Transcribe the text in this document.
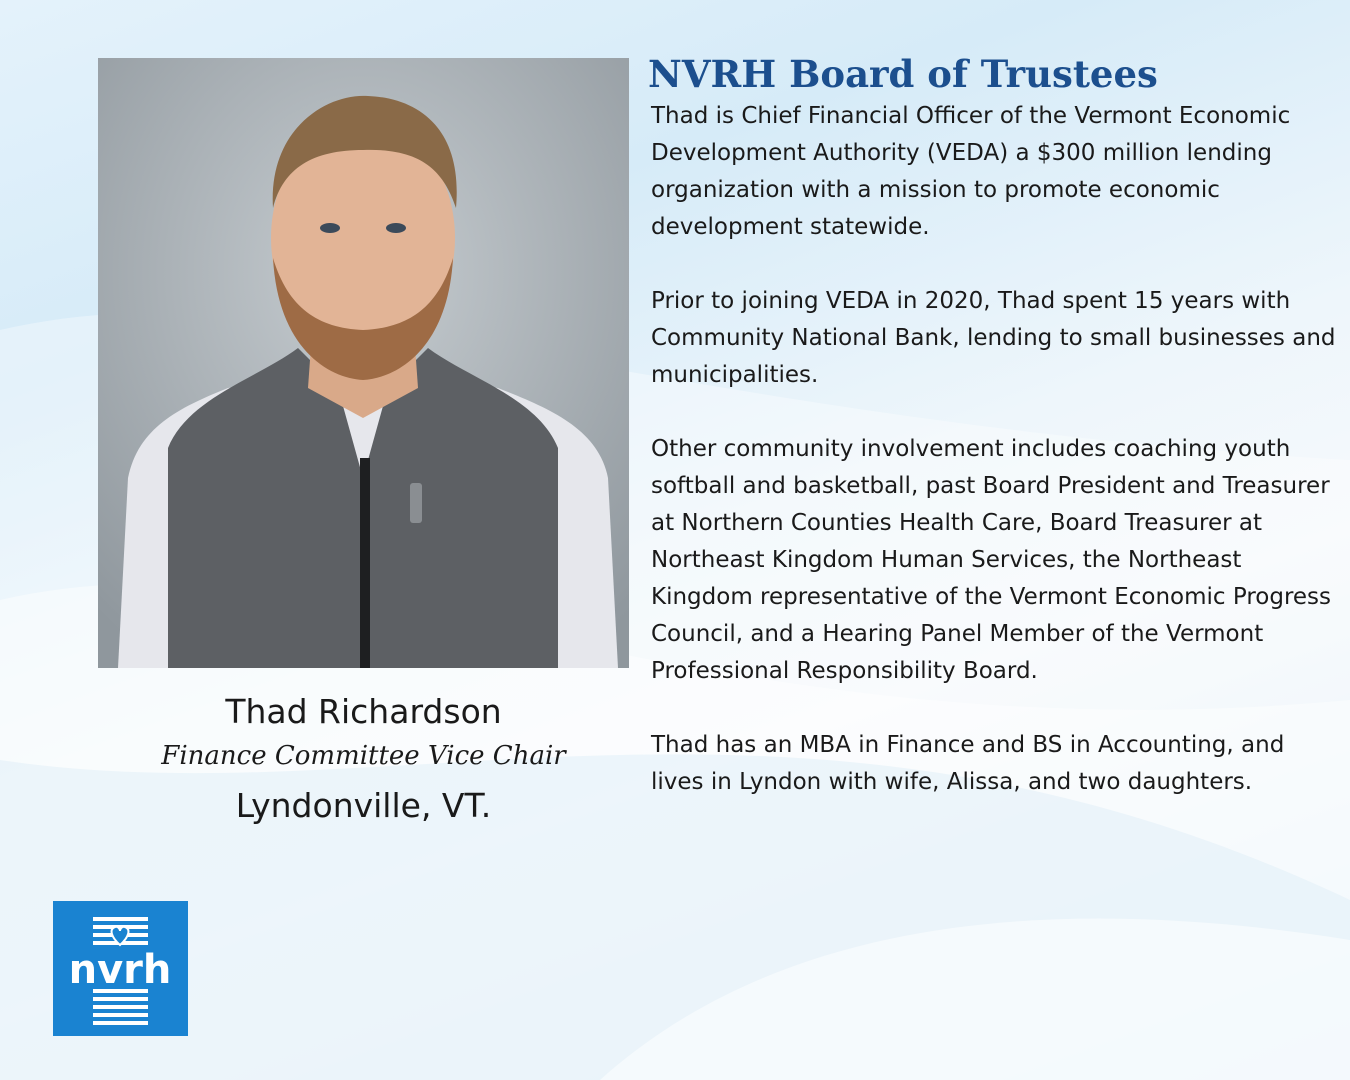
Thad Richardson
Finance Committee Vice Chair
Lyndonville, VT.
NVRH Board of Trustees

Thad is Chief Financial Officer of the Vermont Economic Development Authority (VEDA) a $300 million lending organization with a mission to promote economic development statewide.

Prior to joining VEDA in 2020, Thad spent 15 years with Community National Bank, lending to small businesses and municipalities.

Other community involvement includes coaching youth softball and basketball, past Board President and Treasurer at Northern Counties Health Care, Board Treasurer at Northeast Kingdom Human Services, the Northeast Kingdom representative of the Vermont Economic Progress Council, and a Hearing Panel Member of the Vermont Professional Responsibility Board.

Thad has an MBA in Finance and BS in Accounting, and lives in Lyndon with wife, Alissa, and two daughters.

nvrh
